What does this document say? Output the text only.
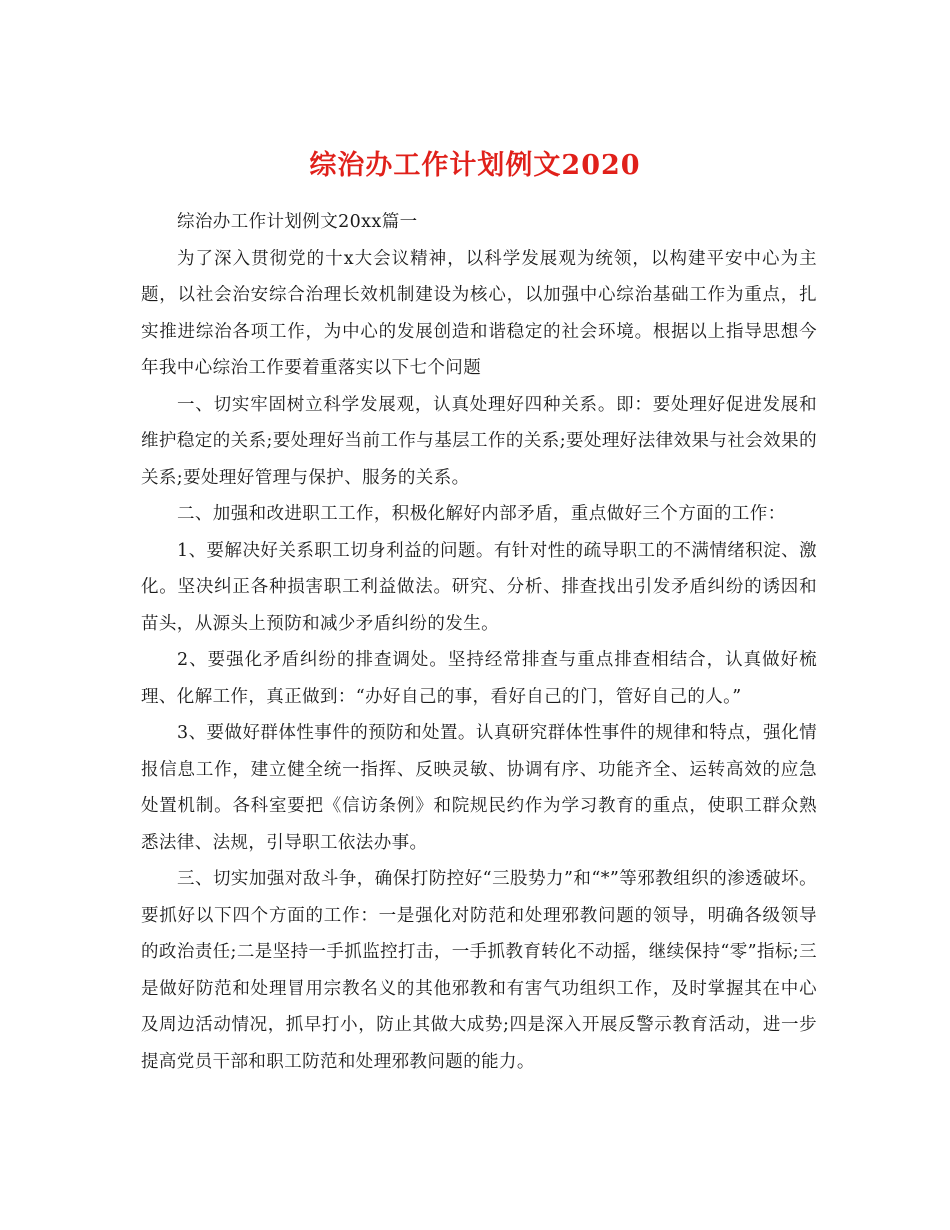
综治办工作计划例文2020

综治办工作计划例文20xx篇一

为了深入贯彻党的十x大会议精神，以科学发展观为统领，以构建平安中心为主题，以社会治安综合治理长效机制建设为核心，以加强中心综治基础工作为重点，扎实推进综治各项工作，为中心的发展创造和谐稳定的社会环境。根据以上指导思想今年我中心综治工作要着重落实以下七个问题

一、切实牢固树立科学发展观，认真处理好四种关系。即：要处理好促进发展和维护稳定的关系;要处理好当前工作与基层工作的关系;要处理好法律效果与社会效果的关系;要处理好管理与保护、服务的关系。

二、加强和改进职工工作，积极化解好内部矛盾，重点做好三个方面的工作：

1、要解决好关系职工切身利益的问题。有针对性的疏导职工的不满情绪积淀、激化。坚决纠正各种损害职工利益做法。研究、分析、排查找出引发矛盾纠纷的诱因和苗头，从源头上预防和减少矛盾纠纷的发生。

2、要强化矛盾纠纷的排查调处。坚持经常排查与重点排查相结合，认真做好梳理、化解工作，真正做到：“办好自己的事，看好自己的门，管好自己的人。”

3、要做好群体性事件的预防和处置。认真研究群体性事件的规律和特点，强化情报信息工作，建立健全统一指挥、反映灵敏、协调有序、功能齐全、运转高效的应急处置机制。各科室要把《信访条例》和院规民约作为学习教育的重点，使职工群众熟悉法律、法规，引导职工依法办事。

三、切实加强对敌斗争，确保打防控好“三股势力”和“*”等邪教组织的渗透破坏。要抓好以下四个方面的工作：一是强化对防范和处理邪教问题的领导，明确各级领导的政治责任;二是坚持一手抓监控打击，一手抓教育转化不动摇，继续保持“零”指标;三是做好防范和处理冒用宗教名义的其他邪教和有害气功组织工作，及时掌握其在中心及周边活动情况，抓早打小，防止其做大成势;四是深入开展反警示教育活动，进一步提高党员干部和职工防范和处理邪教问题的能力。
